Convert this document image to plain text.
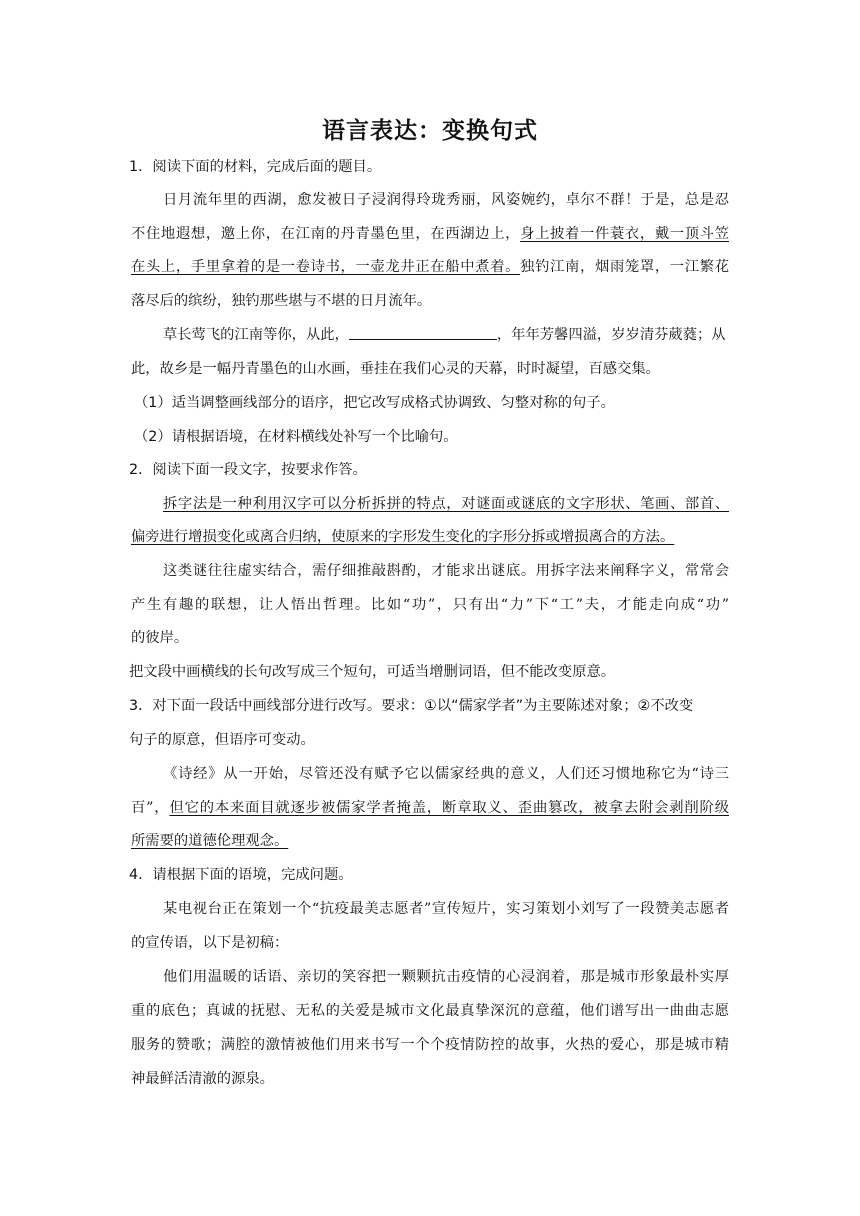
语言表达：变换句式
1．阅读下面的材料，完成后面的题目。
日月流年里的西湖，愈发被日子浸润得玲珑秀丽，风姿婉约，卓尔不群！于是，总是忍
不住地遐想，邀上你，在江南的丹青墨色里，在西湖边上，身上披着一件蓑衣，戴一顶斗笠
在头上，手里拿着的是一卷诗书，一壶龙井正在船中煮着。独钓江南，烟雨笼罩，一江繁花
落尽后的缤纷，独钓那些堪与不堪的日月流年。
草长莺飞的江南等你，从此，	，年年芳馨四溢，岁岁清芬葳蕤；从
此，故乡是一幅丹青墨色的山水画，垂挂在我们心灵的天幕，时时凝望，百感交集。
（1）适当调整画线部分的语序，把它改写成格式协调致、匀整对称的句子。
（2）请根据语境，在材料横线处补写一个比喻句。
2．阅读下面一段文字，按要求作答。
拆字法是一种利用汉字可以分析拆拼的特点，对谜面或谜底的文字形状、笔画、部首、
偏旁进行增损变化或离合归纳，使原来的字形发生变化的字形分拆或增损离合的方法。
这类谜往往虚实结合，需仔细推敲斟酌，才能求出谜底。用拆字法来阐释字义，常常会
产生有趣的联想，让人悟出哲理。比如“功”，只有出“力”下“工”夫，才能走向成“功”
的彼岸。
把文段中画横线的长句改写成三个短句，可适当增删词语，但不能改变原意。
3．对下面一段话中画线部分进行改写。要求：①以“儒家学者”为主要陈述对象；②不改变
句子的原意，但语序可变动。
《诗经》从一开始，尽管还没有赋予它以儒家经典的意义，人们还习惯地称它为“诗三
百”，但它的本来面目就逐步被儒家学者掩盖，断章取义、歪曲篡改，被拿去附会剥削阶级
所需要的道德伦理观念。
4．请根据下面的语境，完成问题。
某电视台正在策划一个“抗疫最美志愿者”宣传短片，实习策划小刘写了一段赞美志愿者
的宣传语，以下是初稿：
他们用温暖的话语、亲切的笑容把一颗颗抗击疫情的心浸润着，那是城市形象最朴实厚
重的底色；真诚的抚慰、无私的关爱是城市文化最真挚深沉的意蕴，他们谱写出一曲曲志愿
服务的赞歌；满腔的激情被他们用来书写一个个疫情防控的故事，火热的爱心，那是城市精
神最鲜活清澈的源泉。
